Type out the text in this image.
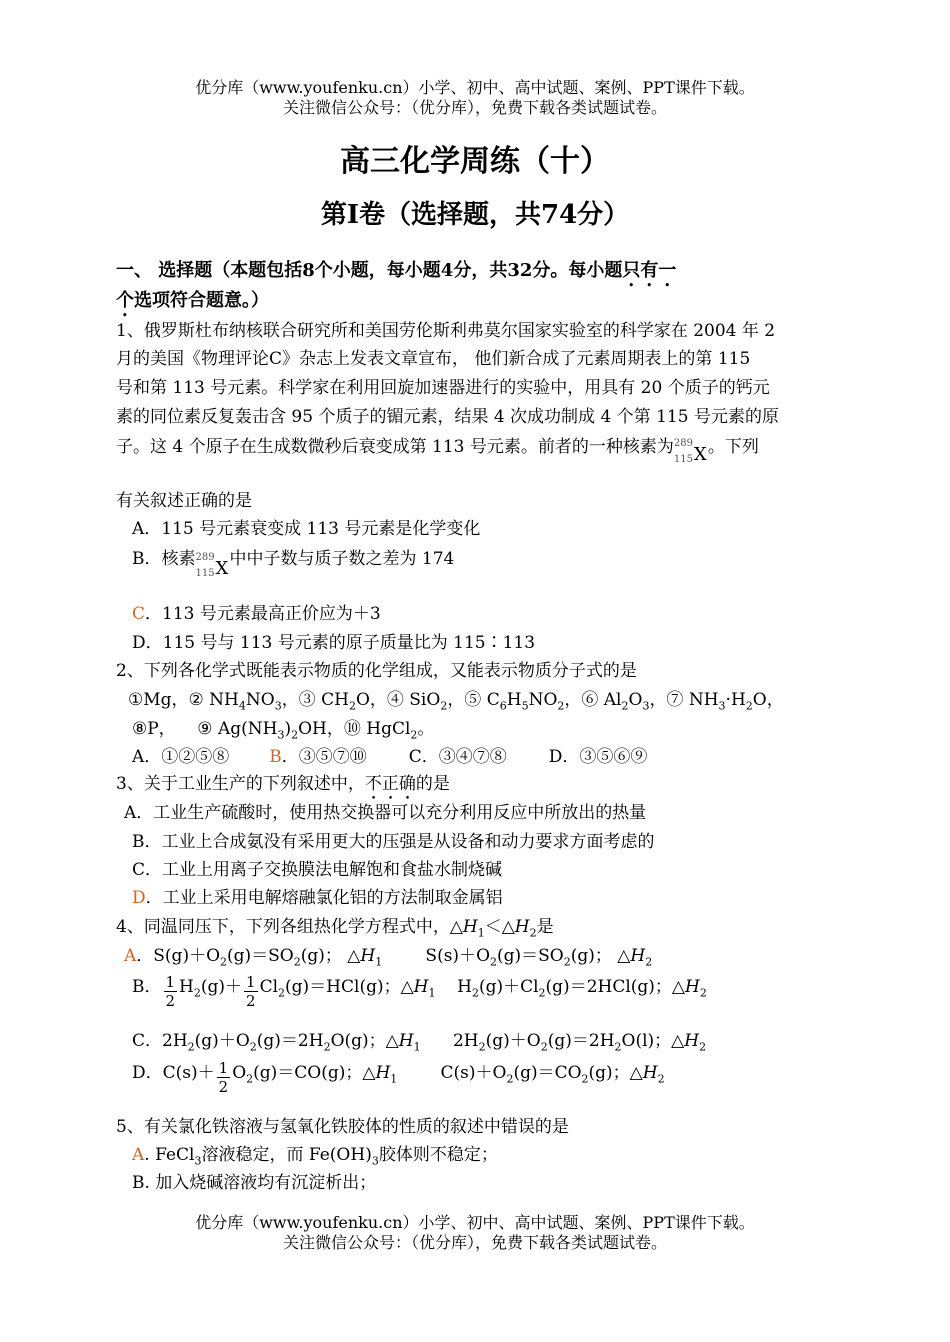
优分库（www.youfenku.cn）小学、初中、高中试题、案例、PPT课件下载。
关注微信公众号：（优分库），免费下载各类试题试卷。
高三化学周练（十）
第I卷（选择题，共74分）
一、 选择题（本题包括8个小题，每小题4分，共32分。每小题只有一
个选项符合题意。）
1、俄罗斯杜布纳核联合研究所和美国劳伦斯利弗莫尔国家实验室的科学家在 2004 年 2
月的美国《物理评论C》杂志上发表文章宣布， 他们新合成了元素周期表上的第 115
号和第 113 号元素。科学家在利用回旋加速器进行的实验中，用具有 20 个质子的钙元
素的同位素反复轰击含 95 个质子的镅元素，结果 4 次成功制成 4 个第 115 号元素的原
子。这 4 个原子在生成数微秒后衰变成第 113 号元素。前者的一种核素为 289
115 X 。下列
有关叙述正确的是
A．115 号元素衰变成 113 号元素是化学变化
B．核素 289
115 X 中中子数与质子数之差为 174
C．113 号元素最高正价应为＋3
D．115 号与 113 号元素的原子质量比为 115∶113
2、下列各化学式既能表示物质的化学组成，又能表示物质分子式的是
①Mg，② $NH_4NO_3$，③ $CH_2O$，④ SiO$_2$，⑤ $C_6H_5NO_2$，⑥ $Al_2O_3$，⑦ $NH_3\cdot H_2O$，
⑧P，    ⑨ $Ag(NH_3)_2OH$，⑩ HgCl$_2$。
A．①②⑤⑧ B．③⑤⑦⑩ C．③④⑦⑧ D．③⑤⑥⑨
3、关于工业生产的下列叙述中，不正确的是
A．工业生产硫酸时，使用热交换器可以充分利用反应中所放出的热量
B．工业上合成氨没有采用更大的压强是从设备和动力要求方面考虑的
C．工业上用离子交换膜法电解饱和食盐水制烧碱
D．工业上采用电解熔融氯化铝的方法制取金属铝
4、同温同压下，下列各组热化学方程式中，$\triangle H_1<\triangle H_2$是
A．$S(g)+O_2(g)=SO_2(g)$； $\triangle H_1$        $S(s)+O_2(g)=SO_2(g)$； $\triangle H_2$
B． $\frac{1}{2} H_2(g)+ \frac{1}{2} Cl_2(g)=HCl(g)$；$\triangle H_1$    $H_2(g)+Cl_2(g)=2HCl(g)$；$\triangle H_2$
C．$2H_2(g)+O_2(g)=2H_2O(g)$；$\triangle H_1$      $2H_2(g)+O_2(g)=2H_2O(l)$；$\triangle H_2$
D．$C(s)+ \frac{1}{2} O_2(g)=CO(g)$；$\triangle H_1$        $C(s)+O_2(g)=CO_2(g)$；$\triangle H_2$
5、有关氯化铁溶液与氢氧化铁胶体的性质的叙述中错误的是
A. FeCl$_3$溶液稳定，而 $Fe(OH)_3$胶体则不稳定；
B. 加入烧碱溶液均有沉淀析出；
优分库（www.youfenku.cn）小学、初中、高中试题、案例、PPT课件下载。
关注微信公众号：（优分库），免费下载各类试题试卷。
